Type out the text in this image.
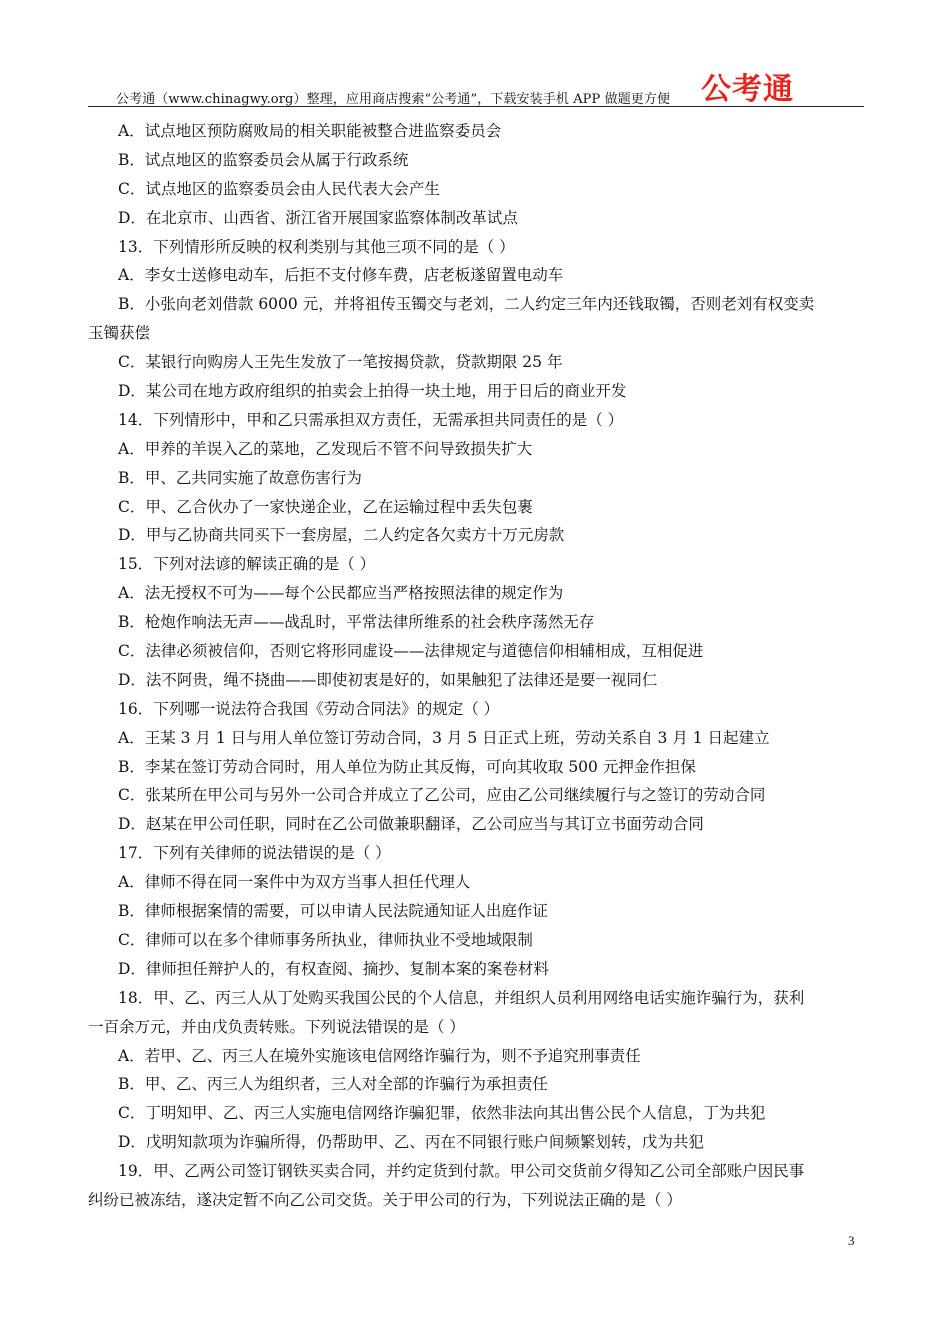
公考通（www.chinagwy.org）整理，应用商店搜索“公考通”，下载安装手机 APP 做题更方便 公考通
A．试点地区预防腐败局的相关职能被整合进监察委员会
B．试点地区的监察委员会从属于行政系统
C．试点地区的监察委员会由人民代表大会产生
D．在北京市、山西省、浙江省开展国家监察体制改革试点
13．下列情形所反映的权利类别与其他三项不同的是（ ）
A．李女士送修电动车，后拒不支付修车费，店老板遂留置电动车
B．小张向老刘借款 6000 元，并将祖传玉镯交与老刘，二人约定三年内还钱取镯，否则老刘有权变卖
玉镯获偿
C．某银行向购房人王先生发放了一笔按揭贷款，贷款期限 25 年
D．某公司在地方政府组织的拍卖会上拍得一块土地，用于日后的商业开发
14．下列情形中，甲和乙只需承担双方责任，无需承担共同责任的是（ ）
A．甲养的羊误入乙的菜地，乙发现后不管不问导致损失扩大
B．甲、乙共同实施了故意伤害行为
C．甲、乙合伙办了一家快递企业，乙在运输过程中丢失包裹
D．甲与乙协商共同买下一套房屋，二人约定各欠卖方十万元房款
15．下列对法谚的解读正确的是（ ）
A．法无授权不可为——每个公民都应当严格按照法律的规定作为
B．枪炮作响法无声——战乱时，平常法律所维系的社会秩序荡然无存
C．法律必须被信仰，否则它将形同虚设——法律规定与道德信仰相辅相成，互相促进
D．法不阿贵，绳不挠曲——即使初衷是好的，如果触犯了法律还是要一视同仁
16．下列哪一说法符合我国《劳动合同法》的规定（ ）
A．王某 3 月 1 日与用人单位签订劳动合同，3 月 5 日正式上班，劳动关系自 3 月 1 日起建立
B．李某在签订劳动合同时，用人单位为防止其反悔，可向其收取 500 元押金作担保
C．张某所在甲公司与另外一公司合并成立了乙公司，应由乙公司继续履行与之签订的劳动合同
D．赵某在甲公司任职，同时在乙公司做兼职翻译，乙公司应当与其订立书面劳动合同
17．下列有关律师的说法错误的是（ ）
A．律师不得在同一案件中为双方当事人担任代理人
B．律师根据案情的需要，可以申请人民法院通知证人出庭作证
C．律师可以在多个律师事务所执业，律师执业不受地域限制
D．律师担任辩护人的，有权查阅、摘抄、复制本案的案卷材料
18．甲、乙、丙三人从丁处购买我国公民的个人信息，并组织人员利用网络电话实施诈骗行为，获利
一百余万元，并由戊负责转账。下列说法错误的是（ ）
A．若甲、乙、丙三人在境外实施该电信网络诈骗行为，则不予追究刑事责任
B．甲、乙、丙三人为组织者，三人对全部的诈骗行为承担责任
C．丁明知甲、乙、丙三人实施电信网络诈骗犯罪，依然非法向其出售公民个人信息，丁为共犯
D．戊明知款项为诈骗所得，仍帮助甲、乙、丙在不同银行账户间频繁划转，戊为共犯
19．甲、乙两公司签订钢铁买卖合同，并约定货到付款。甲公司交货前夕得知乙公司全部账户因民事
纠纷已被冻结，遂决定暂不向乙公司交货。关于甲公司的行为，下列说法正确的是（ ）
3
